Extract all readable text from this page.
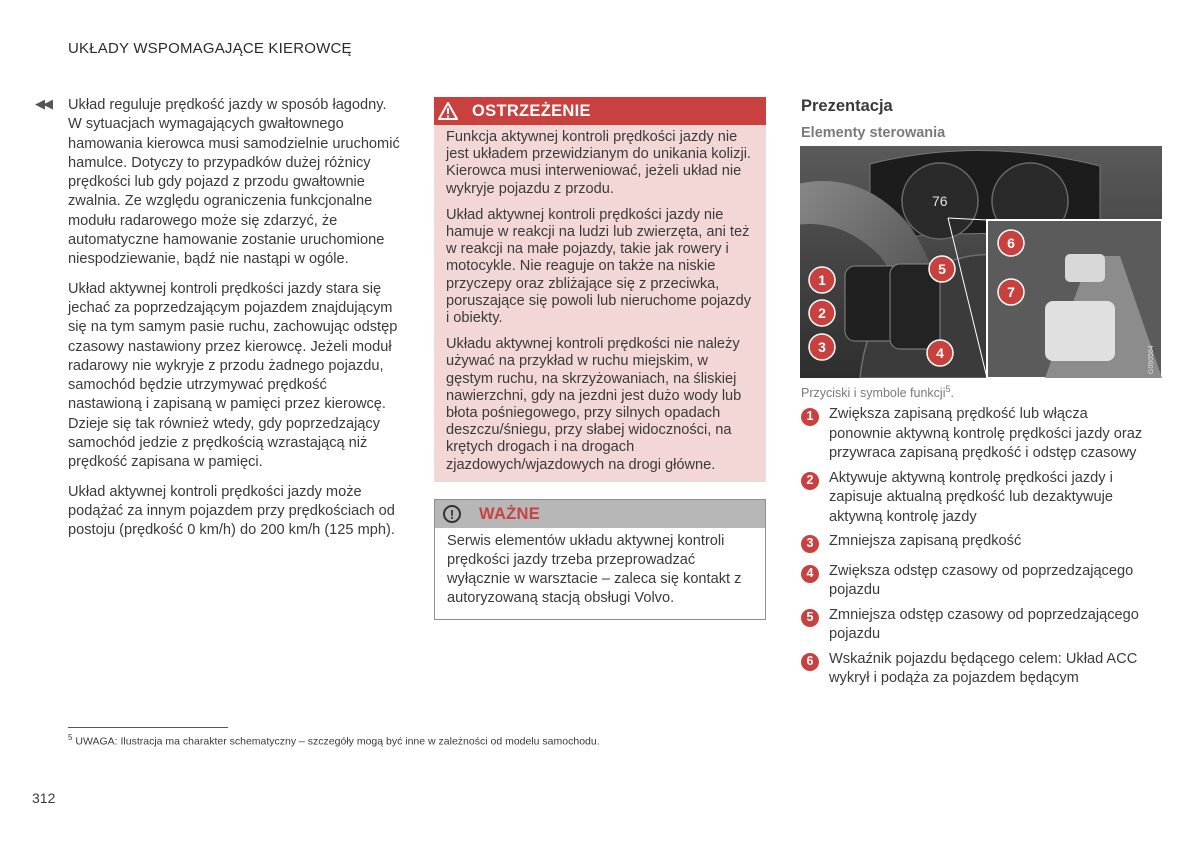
UKŁADY WSPOMAGAJĄCE KIEROWCĘ
◀◀ Układ reguluje prędkość jazdy w sposób łagodny. W sytuacjach wymagających gwałtownego hamowania kierowca musi samodzielnie uruchomić hamulce. Dotyczy to przypadków dużej różnicy prędkości lub gdy pojazd z przodu gwałtownie zwalnia. Ze względu ograniczenia funkcjonalne modułu radarowego może się zdarzyć, że automatyczne hamowanie zostanie uruchomione niespodziewanie, bądź nie nastąpi w ogóle.

Układ aktywnej kontroli prędkości jazdy stara się jechać za poprzedzającym pojazdem znajdującym się na tym samym pasie ruchu, zachowując odstęp czasowy nastawiony przez kierowcę. Jeżeli moduł radarowy nie wykryje z przodu żadnego pojazdu, samochód będzie utrzymywać prędkość nastawioną i zapisaną w pamięci przez kierowcę. Dzieje się tak również wtedy, gdy poprzedzający samochód jedzie z prędkością wzrastającą niż prędkość zapisana w pamięci.

Układ aktywnej kontroli prędkości jazdy może podążać za innym pojazdem przy prędkościach od postoju (prędkość 0 km/h) do 200 km/h (125 mph).

OSTRZEŻENIE

Funkcja aktywnej kontroli prędkości jazdy nie jest układem przewidzianym do unikania kolizji. Kierowca musi interweniować, jeżeli układ nie wykryje pojazdu z przodu.

Układ aktywnej kontroli prędkości jazdy nie hamuje w reakcji na ludzi lub zwierzęta, ani też w reakcji na małe pojazdy, takie jak rowery i motocykle. Nie reaguje on także na niskie przyczepy oraz zbliżające się z przeciwka, poruszające się powoli lub nieruchome pojazdy i obiekty.

Układu aktywnej kontroli prędkości nie należy używać na przykład w ruchu miejskim, w gęstym ruchu, na skrzyżowaniach, na śliskiej nawierzchni, gdy na jezdni jest dużo wody lub błota pośniegowego, przy silnych opadach deszczu/śniegu, przy słabej widoczności, na krętych drogach i na drogach zjazdowych/wjazdowych na drogi główne.

!	WAŻNE
Serwis elementów układu aktywnej kontroli prędkości jazdy trzeba przeprowadzać wyłącznie w warsztacie – zaleca się kontakt z autoryzowaną stacją obsługi Volvo.
Prezentacja
Elementy sterowania
76
1
2
3	4
5
6
7
G060584
Przyciski i symbole funkcji$^5$.
1	Zwiększa zapisaną prędkość lub włącza ponownie aktywną kontrolę prędkości jazdy oraz przywraca zapisaną prędkość i odstęp czasowy
2	Aktywuje aktywną kontrolę prędkości jazdy i zapisuje aktualną prędkość lub dezaktywuje aktywną kontrolę jazdy
3	Zmniejsza zapisaną prędkość
4	Zwiększa odstęp czasowy od poprzedzającego pojazdu
5	Zmniejsza odstęp czasowy od poprzedzającego pojazdu
6	Wskaźnik pojazdu będącego celem: Układ ACC wykrył i podąża za pojazdem będącym
$^5$ UWAGA: Ilustracja ma charakter schematyczny – szczegóły mogą być inne w zależności od modelu samochodu.
312
